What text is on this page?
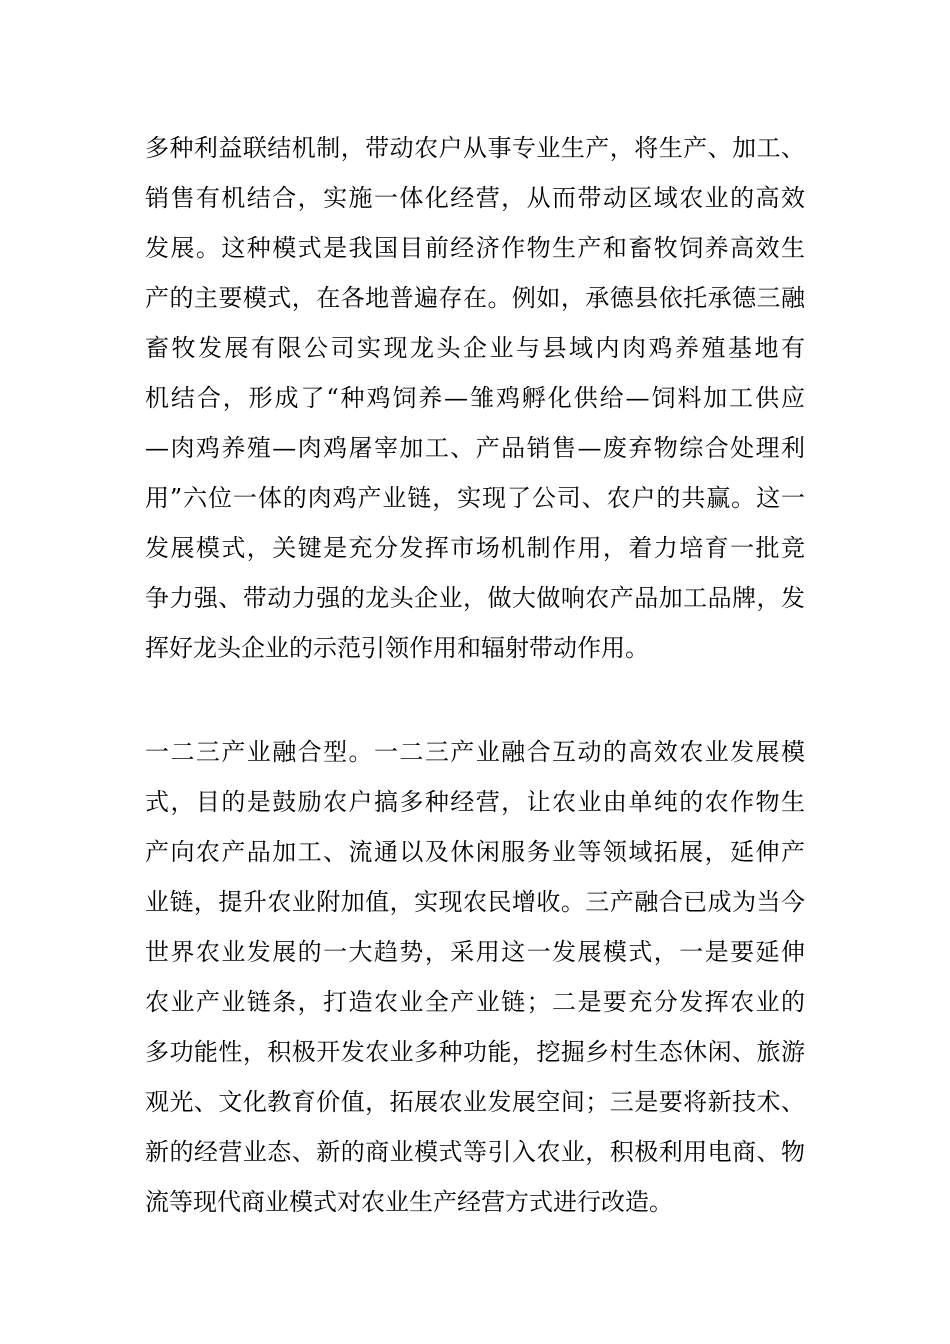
多种利益联结机制，带动农户从事专业生产，将生产、加工、
销售有机结合，实施一体化经营，从而带动区域农业的高效
发展。这种模式是我国目前经济作物生产和畜牧饲养高效生
产的主要模式，在各地普遍存在。例如，承德县依托承德三融
畜牧发展有限公司实现龙头企业与县域内肉鸡养殖基地有
机结合，形成了“种鸡饲养—雏鸡孵化供给—饲料加工供应
—肉鸡养殖—肉鸡屠宰加工、产品销售—废弃物综合处理利
用”六位一体的肉鸡产业链，实现了公司、农户的共赢。这一
发展模式，关键是充分发挥市场机制作用，着力培育一批竞
争力强、带动力强的龙头企业，做大做响农产品加工品牌，发
挥好龙头企业的示范引领作用和辐射带动作用。
一二三产业融合型。一二三产业融合互动的高效农业发展模
式，目的是鼓励农户搞多种经营，让农业由单纯的农作物生
产向农产品加工、流通以及休闲服务业等领域拓展，延伸产
业链，提升农业附加值，实现农民增收。三产融合已成为当今
世界农业发展的一大趋势，采用这一发展模式，一是要延伸
农业产业链条，打造农业全产业链；二是要充分发挥农业的
多功能性，积极开发农业多种功能，挖掘乡村生态休闲、旅游
观光、文化教育价值，拓展农业发展空间；三是要将新技术、
新的经营业态、新的商业模式等引入农业，积极利用电商、物
流等现代商业模式对农业生产经营方式进行改造。
